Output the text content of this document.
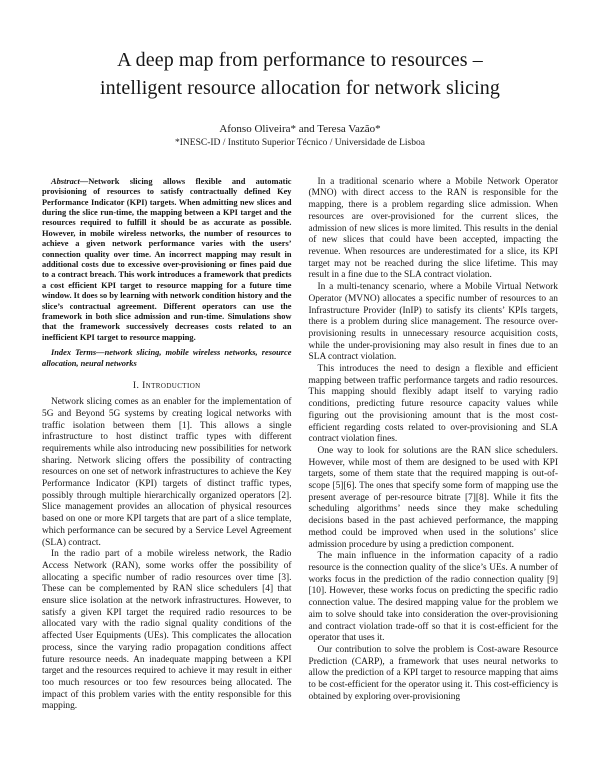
A deep map from performance to resources –
intelligent resource allocation for network slicing
Afonso Oliveira* and Teresa Vazão*
*INESC-ID / Instituto Superior Técnico / Universidade de Lisboa

Abstract—Network slicing allows flexible and automatic provisioning of resources to satisfy contractually defined Key Performance Indicator (KPI) targets. When admitting new slices and during the slice run-time, the mapping between a KPI target and the resources required to fulfill it should be as accurate as possible. However, in mobile wireless networks, the number of resources to achieve a given network performance varies with the users’ connection quality over time. An incorrect mapping may result in additional costs due to excessive over-provisioning or fines paid due to a contract breach. This work introduces a framework that predicts a cost efficient KPI target to resource mapping for a future time window. It does so by learning with network condition history and the slice’s contractual agreement. Different operators can use the framework in both slice admission and run-time. Simulations show that the framework successively decreases costs related to an inefficient KPI target to resource mapping.

Index Terms—network slicing, mobile wireless networks, resource allocation, neural networks

I. Introduction

Network slicing comes as an enabler for the implementation of 5G and Beyond 5G systems by creating logical networks with traffic isolation between them [1]. This allows a single infrastructure to host distinct traffic types with different requirements while also introducing new possibilities for network sharing. Network slicing offers the possibility of contracting resources on one set of network infrastructures to achieve the Key Performance Indicator (KPI) targets of distinct traffic types, possibly through multiple hierarchically organized operators [2]. Slice management provides an allocation of physical resources based on one or more KPI targets that are part of a slice template, which performance can be secured by a Service Level Agreement (SLA) contract.

In the radio part of a mobile wireless network, the Radio Access Network (RAN), some works offer the possibility of allocating a specific number of radio resources over time [3]. These can be complemented by RAN slice schedulers [4] that ensure slice isolation at the network infrastructures. However, to satisfy a given KPI target the required radio resources to be allocated vary with the radio signal quality conditions of the affected User Equipments (UEs). This complicates the allocation process, since the varying radio propagation conditions affect future resource needs. An inadequate mapping between a KPI target and the resources required to achieve it may result in either too much resources or too few resources being allocated. The impact of this problem varies with the entity responsible for this mapping.

In a traditional scenario where a Mobile Network Operator (MNO) with direct access to the RAN is responsible for the mapping, there is a problem regarding slice admission. When resources are over-provisioned for the current slices, the admission of new slices is more limited. This results in the denial of new slices that could have been accepted, impacting the revenue. When resources are underestimated for a slice, its KPI target may not be reached during the slice lifetime. This may result in a fine due to the SLA contract violation.

In a multi-tenancy scenario, where a Mobile Virtual Network Operator (MVNO) allocates a specific number of resources to an Infrastructure Provider (InIP) to satisfy its clients’ KPIs targets, there is a problem during slice management. The resource over-provisioning results in unnecessary resource acquisition costs, while the under-provisioning may also result in fines due to an SLA contract violation.

This introduces the need to design a flexible and efficient mapping between traffic performance targets and radio resources. This mapping should flexibly adapt itself to varying radio conditions, predicting future resource capacity values while figuring out the provisioning amount that is the most cost-efficient regarding costs related to over-provisioning and SLA contract violation fines.

One way to look for solutions are the RAN slice schedulers. However, while most of them are designed to be used with KPI targets, some of them state that the required mapping is out-of-scope [5][6]. The ones that specify some form of mapping use the present average of per-resource bitrate [7][8]. While it fits the scheduling algorithms’ needs since they make scheduling decisions based in the past achieved performance, the mapping method could be improved when used in the solutions’ slice admission procedure by using a prediction component.

The main influence in the information capacity of a radio resource is the connection quality of the slice’s UEs. A number of works focus in the prediction of the radio connection quality [9][10]. However, these works focus on predicting the specific radio connection value. The desired mapping value for the problem we aim to solve should take into consideration the over-provisioning and contract violation trade-off so that it is cost-efficient for the operator that uses it.

Our contribution to solve the problem is Cost-aware Resource Prediction (CARP), a framework that uses neural networks to allow the prediction of a KPI target to resource mapping that aims to be cost-efficient for the operator using it. This cost-efficiency is obtained by exploring over-provisioning
